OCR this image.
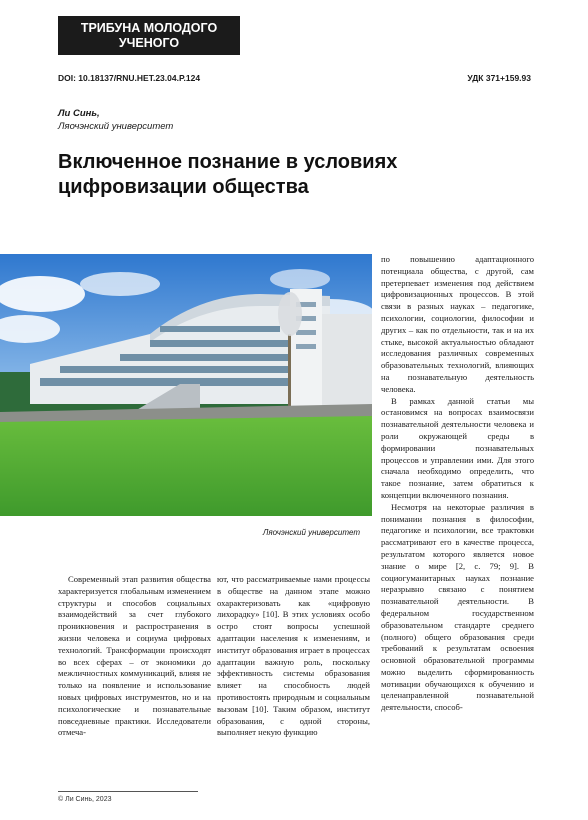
ТРИБУНА МОЛОДОГО
УЧЕНОГО
DOI: 10.18137/RNU.HET.23.04.P.124	УДК 371+159.93
Ли Синь,
Ляочэнский университет
Включенное познание в условиях цифровизации общества
Ляочэнский университет

Современный этап развития общества характеризуется глобальным изменением структуры и способов социальных взаимодействий за счет глубокого проникновения и распространения в жизни человека и социума цифровых технологий. Трансформации происходят во всех сферах – от экономики до межличностных коммуникаций, влияя не только на появление и использование новых цифровых инструментов, но и на психологические и познавательные повседневные практики. Исследователи отмеча-

ют, что рассматриваемые нами процессы в обществе на данном этапе можно охарактеризовать как «цифровую лихорадку» [10]. В этих условиях особо остро стоят вопросы успешной адаптации населения к изменениям, и институт образования играет в процессах адаптации важную роль, поскольку эффективность системы образования влияет на способность людей противостоять природным и социальным вызовам [10]. Таким образом, институт образования, с одной стороны, выполняет некую функцию

по повышению адаптационного потенциала общества, с другой, сам претерпевает изменения под действием цифровизационных процессов. В этой связи в разных науках – педагогике, психологии, социологии, философии и других – как по отдельности, так и на их стыке, высокой актуальностью обладают исследования различных современных образовательных технологий, влияющих на познавательную деятельность человека.

В рамках данной статьи мы остановимся на вопросах взаимосвязи познавательной деятельности человека и роли окружающей среды в формировании познавательных процессов и управлении ими. Для этого сначала необходимо определить, что такое познание, затем обратиться к концепции включенного познания.

Несмотря на некоторые различия в понимании познания в философии, педагогике и психологии, все трактовки рассматривают его в качестве процесса, результатом которого является новое знание о мире [2, с. 79; 9]. В социогуманитарных науках познание неразрывно связано с понятием познавательной деятельности. В федеральном государственном образовательном стандарте среднего (полного) общего образования среди требований к результатам освоения основной образовательной программы можно выделить сформированность мотивации обучающихся к обучению и целенаправленной познавательной деятельности, способ-

© Ли Синь, 2023
